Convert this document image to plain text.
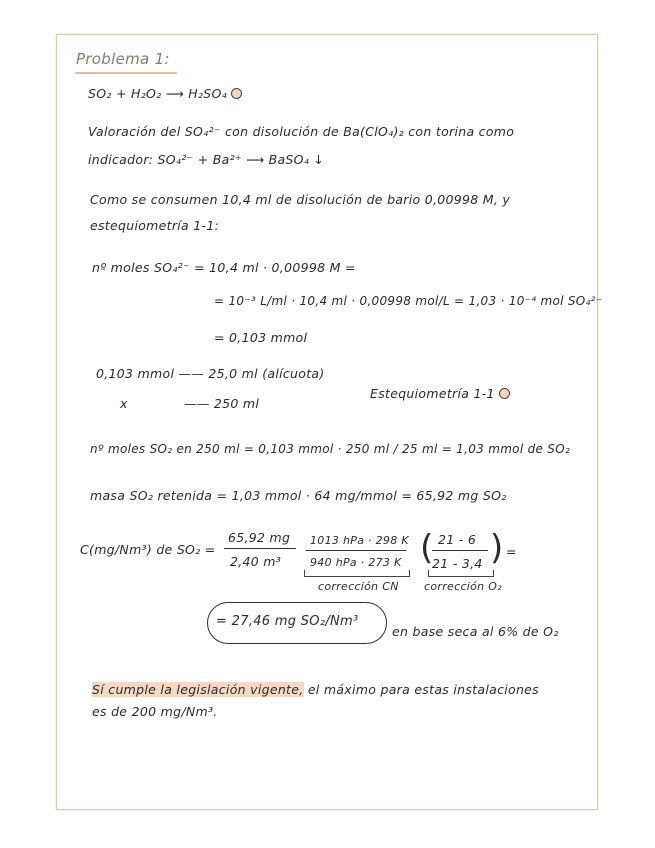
Problema 1:
SO₂ + H₂O₂ ⟶ H₂SO₄
Valoración del SO₄²⁻ con disolución de Ba(ClO₄)₂ con torina como
indicador: SO₄²⁻ + Ba²⁺ ⟶ BaSO₄ ↓
Como se consumen 10,4 ml de disolución de bario 0,00998 M, y
estequiometría 1-1:
nº moles SO₄²⁻ = 10,4 ml · 0,00998 M =
= 10⁻³ L/ml · 10,4 ml · 0,00998 mol/L = 1,03 · 10⁻⁴ mol SO₄²⁻
= 0,103 mmol
0,103 mmol —— 25,0 ml (alícuota)
x	—— 250 ml
Estequiometría 1-1
nº moles SO₂ en 250 ml = 0,103 mmol · 250 ml / 25 ml = 1,03 mmol de SO₂
masa SO₂ retenida = 1,03 mmol · 64 mg/mmol = 65,92 mg SO₂
C(mg/Nm³) de SO₂ =
65,92 mg
2,40 m³
1013 hPa · 298 K
940 hPa · 273 K
21 - 6
21 - 3,4
( ) =
corrección CN corrección O₂
= 27,46 mg SO₂/Nm³
en base seca al 6% de O₂
Sí cumple la legislación vigente, el máximo para estas instalaciones
es de 200 mg/Nm³.
